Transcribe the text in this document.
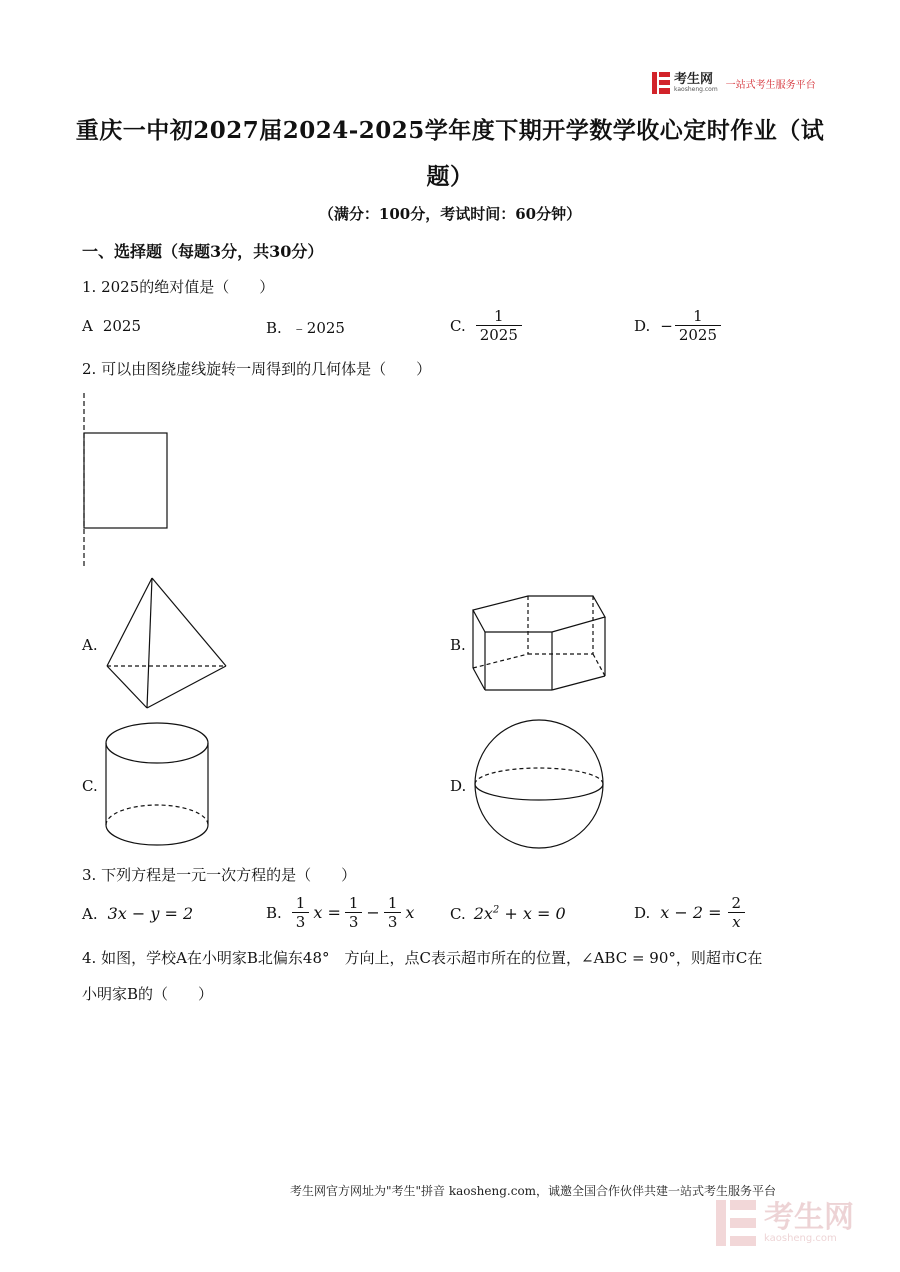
考生网
kaosheng.com 一站式考生服务平台
重庆一中初2027届2024-2025学年度下期开学数学收心定时作业（试
题）
（满分：100分，考试时间：60分钟）
一、选择题（每题3分，共30分）
1. 2025的绝对值是（　　）
A 2025	B. ﹣2025	C. $\frac{1}{2025}$	D. − $\frac{1}{2025}$
2. 可以由图绕虚线旋转一周得到的几何体是（　　）
A.	B.
C.	D.
3. 下列方程是一元一次方程的是（　　）
A. 3x − y = 2	B. $\frac{1}{3}$ $x = \frac{1}{3} - \frac{1}{3}$ x C. $2x^2 + x = 0$	D. $x - 2 = \frac{2}{x}$
4. 如图，学校A在小明家B北偏东48°　方向上，点C表示超市所在的位置，∠ABC = 90°，则超市C在
小明家B的（　　）
考生网官方网址为"考生"拼音 kaosheng.com，诚邀全国合作伙伴共建一站式考生服务平台
考生网
kaosheng.com
